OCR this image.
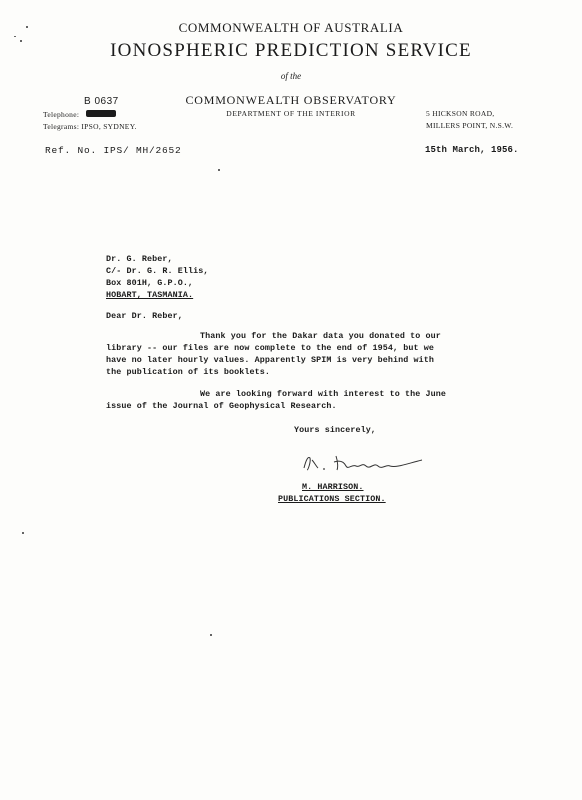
COMMONWEALTH OF AUSTRALIA
IONOSPHERIC PREDICTION SERVICE
of the
COMMONWEALTH OBSERVATORY
DEPARTMENT OF THE INTERIOR
B 0637
Telephone:
Telegrams: IPSO, SYDNEY.
5 HICKSON ROAD,
MILLERS POINT, N.S.W.
Ref. No. IPS/ MH/2652	15th March, 1956.
Dr. G. Reber,
C/- Dr. G. R. Ellis,
Box 801H, G.P.O.,
HOBART, TASMANIA.
Dear Dr. Reber,
Thank you for the Dakar data you donated to our
library -- our files are now complete to the end of 1954, but we
have no later hourly values. Apparently SPIM is very behind with
the publication of its booklets.
We are looking forward with interest to the June
issue of the Journal of Geophysical Research.
Yours sincerely,
M. HARRISON.
PUBLICATIONS SECTION.
